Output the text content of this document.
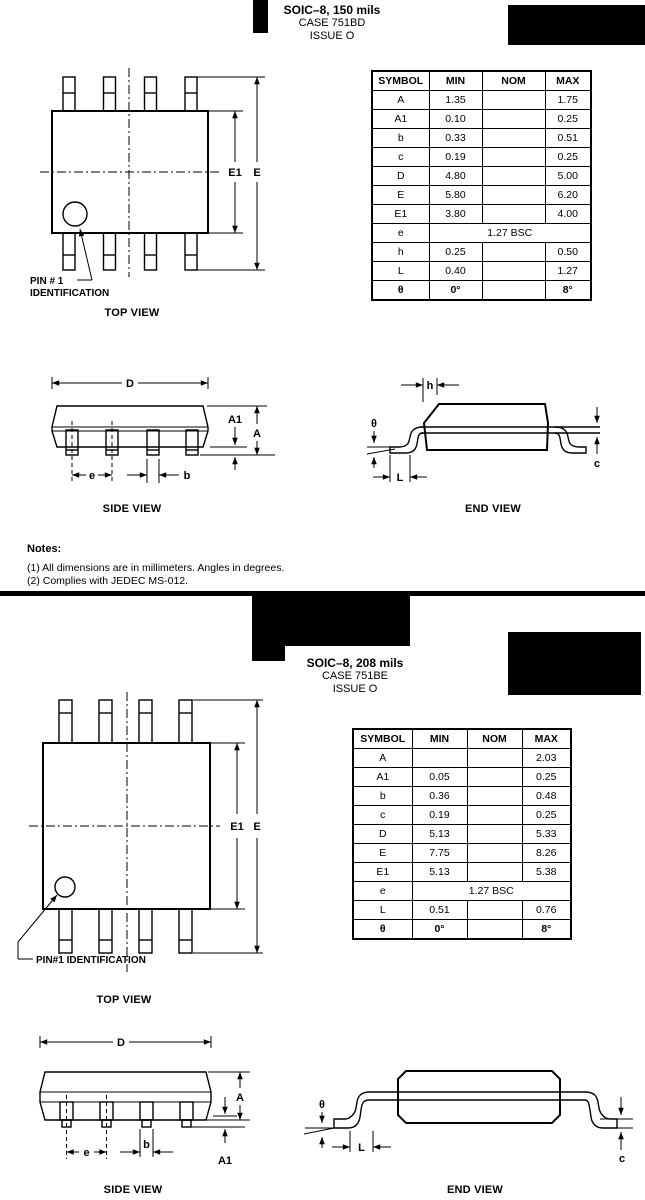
SOIC–8, 150 mils
CASE 751BD
ISSUE O
E1 E
PIN # 1
IDENTIFICATION
TOP VIEW
SYMBOL	MIN	NOM	MAX
A	1.35		1.75
A1	0.10		0.25
b	0.33		0.51
c	0.19		0.25
D	4.80		5.00
E	5.80		6.20
E1	3.80		4.00
e	1.27 BSC		
h	0.25		0.50
L	0.40		1.27
θ	0°		8°
D
A1
A
e	b
SIDE VIEW
h
θ
L
c
END VIEW
Notes:
(1) All dimensions are in millimeters. Angles in degrees.
(2) Complies with JEDEC MS-012.
SOIC–8, 208 mils
CASE 751BE
ISSUE O
E1 E
PIN#1 IDENTIFICATION
TOP VIEW
SYMBOL	MIN	NOM	MAX
A			2.03
A1	0.05		0.25
b	0.36		0.48
c	0.19		0.25
D	5.13		5.33
E	7.75		8.26
E1	5.13		5.38
e	1.27 BSC		
L	0.51		0.76
θ	0°		8°
D
A
A1
e
b
SIDE VIEW
θ
L
c
END VIEW
